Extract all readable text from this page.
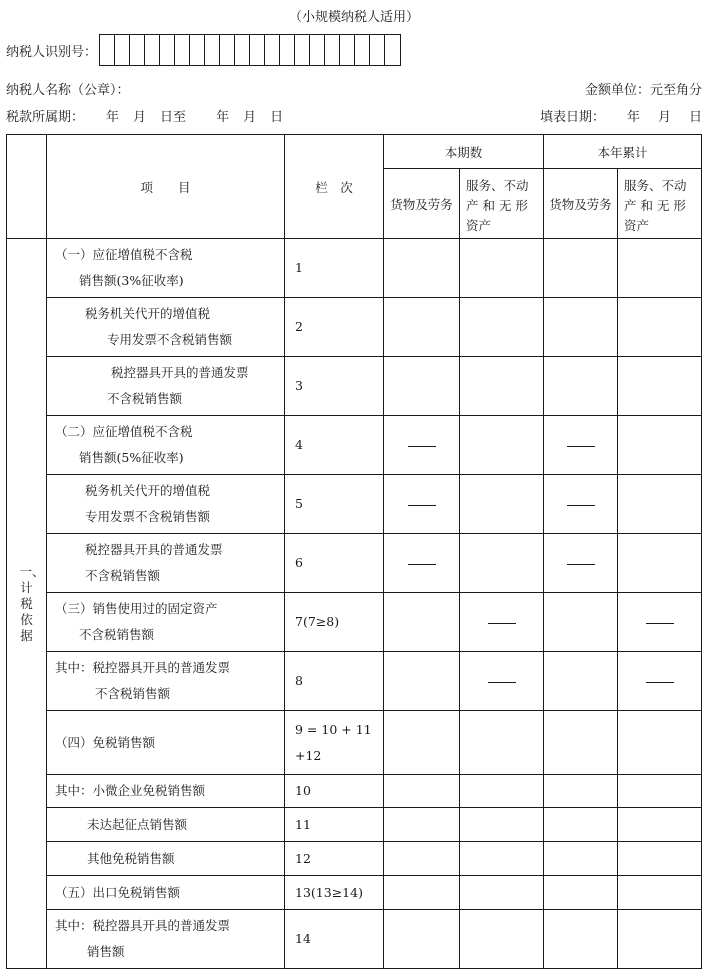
（小规模纳税人适用）
纳税人识别号：
纳税人名称（公章）：	金额单位：元至角分
税款所属期： 年 月 日至 年 月 日	填表日期： 年 月 日
	项　　目	栏　次	本期数		本年累计	
			货物及劳务	服务、不动
产 和 无 形
资产	货物及劳务	服务、不动
产 和 无 形
资产

一、计税依据	（一）应征增值税不含税
销售额(3%征收率)	1				

	税务机关代开的增值税
专用发票不含税销售额	2				

	税控器具开具的普通发票
不含税销售额	3				

	（二）应征增值税不含税
销售额(5%征收率)	4				

	税务机关代开的增值税
专用发票不含税销售额	5				

	税控器具开具的普通发票
不含税销售额	6				

	（三）销售使用过的固定资产
不含税销售额	7(7≥8)				

	其中：税控器具开具的普通发票
不含税销售额	8				

	（四）免税销售额	9 = 10 + 11
+12				

	其中：小微企业免税销售额	10				

	未达起征点销售额	11				

	其他免税销售额	12				

	（五）出口免税销售额	13(13≥14)				

	其中：税控器具开具的普通发票
销售额	14				
